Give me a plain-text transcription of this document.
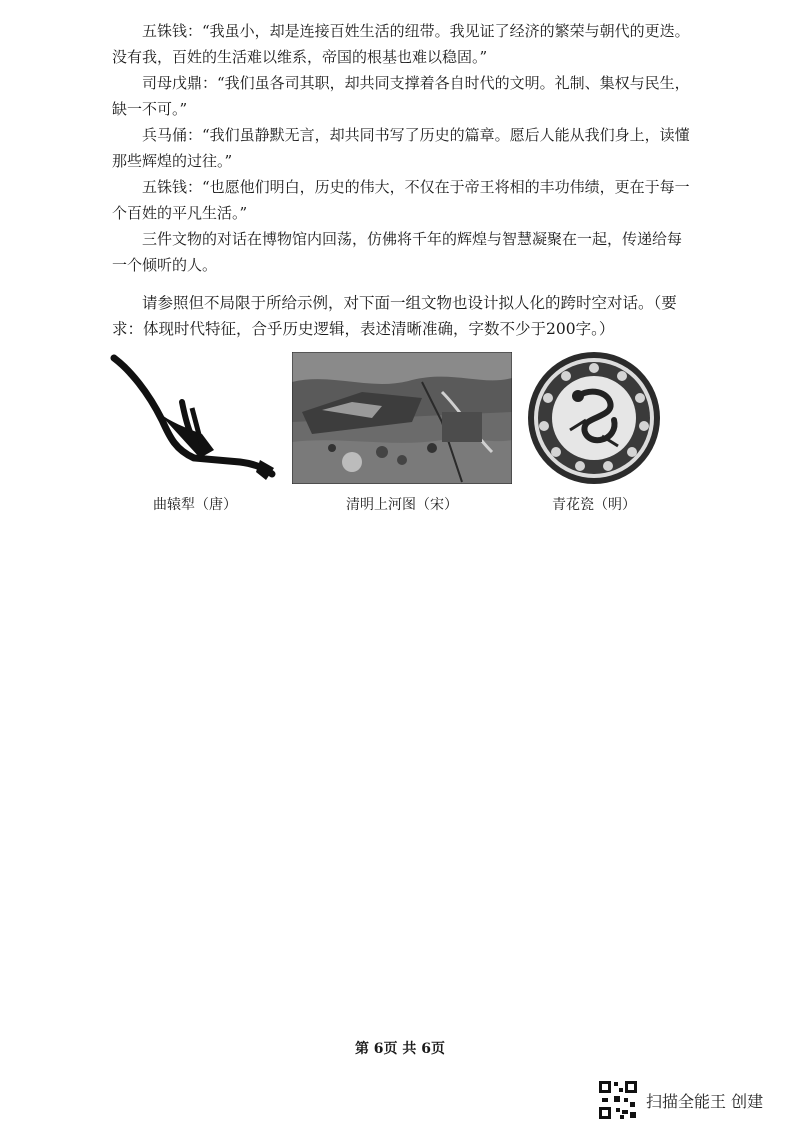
五铢钱：“我虽小，却是连接百姓生活的纽带。我见证了经济的繁荣与朝代的更迭。没有我，百姓的生活难以维系，帝国的根基也难以稳固。”

司母戊鼎：“我们虽各司其职，却共同支撑着各自时代的文明。礼制、集权与民生，缺一不可。”

兵马俑：“我们虽静默无言，却共同书写了历史的篇章。愿后人能从我们身上，读懂那些辉煌的过往。”

五铢钱：“也愿他们明白，历史的伟大，不仅在于帝王将相的丰功伟绩，更在于每一个百姓的平凡生活。”

三件文物的对话在博物馆内回荡，仿佛将千年的辉煌与智慧凝聚在一起，传递给每一个倾听的人。

请参照但不局限于所给示例，对下面一组文物也设计拟人化的跨时空对话。（要求：体现时代特征，合乎历史逻辑，表述清晰准确，字数不少于200字。）

曲辕犁（唐）	清明上河图（宋）	青花瓷（明）
第 6页 共 6页
扫描全能王 创建
